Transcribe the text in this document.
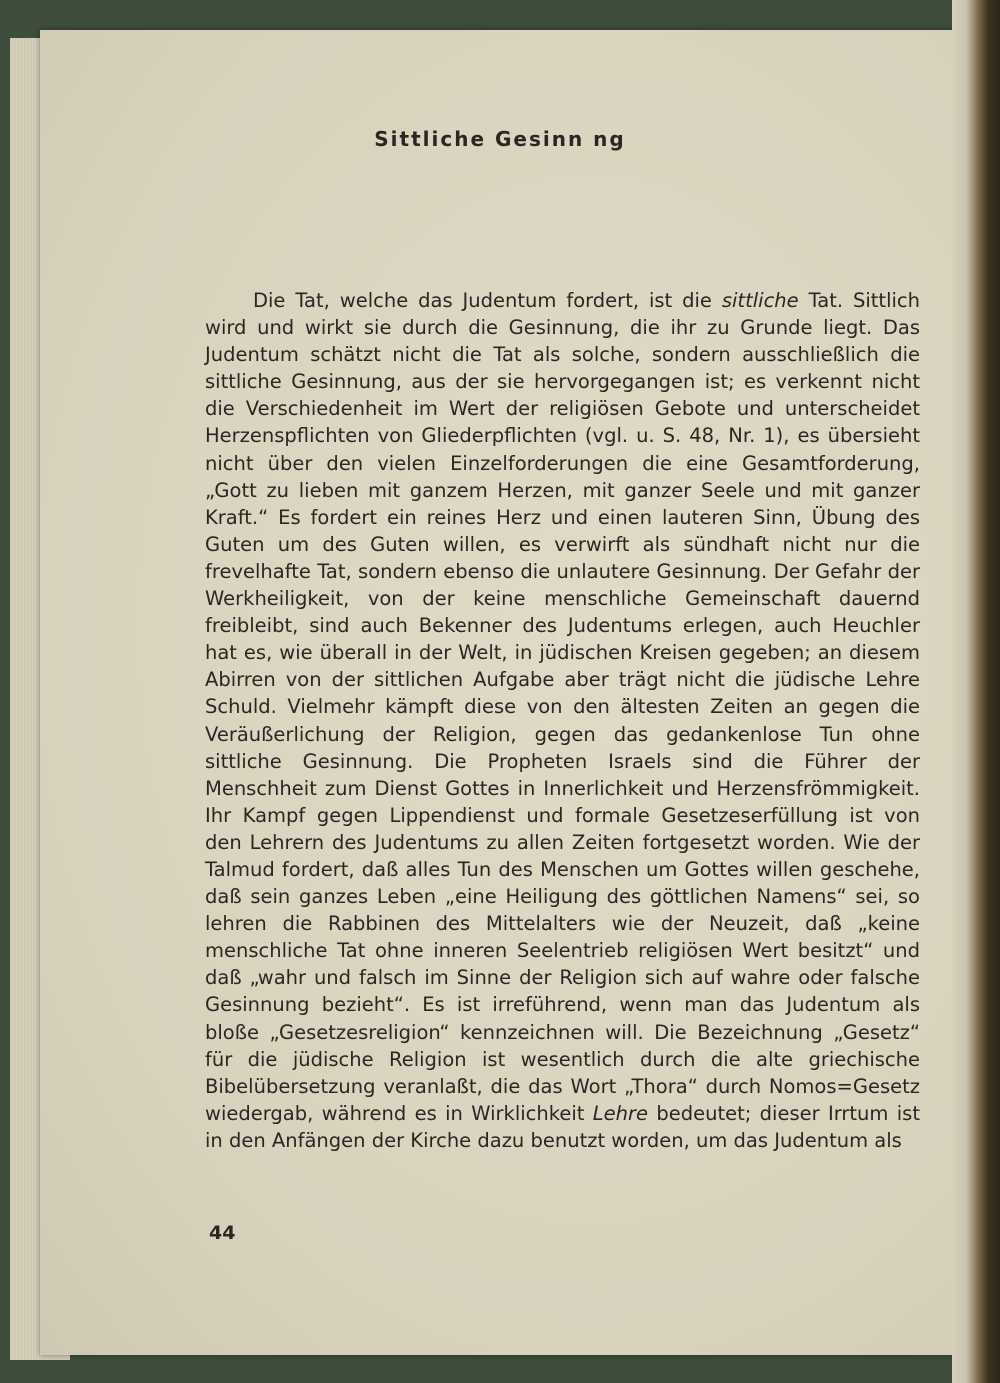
Sittliche Gesinn ng

Die Tat, welche das Judentum fordert, ist die sittliche Tat. Sittlich wird und wirkt sie durch die Gesinnung, die ihr zu Grunde liegt. Das Judentum schätzt nicht die Tat als solche, sondern ausschließlich die sittliche Gesinnung, aus der sie hervorgegangen ist; es verkennt nicht die Verschiedenheit im Wert der religiösen Gebote und unterscheidet Herzenspflichten von Gliederpflichten (vgl. u. S. 48, Nr. 1), es übersieht nicht über den vielen Einzelforderungen die eine Gesamtforderung, „Gott zu lieben mit ganzem Herzen, mit ganzer Seele und mit ganzer Kraft.“ Es fordert ein reines Herz und einen lauteren Sinn, Übung des Guten um des Guten willen, es verwirft als sündhaft nicht nur die frevelhafte Tat, sondern ebenso die unlautere Gesinnung. Der Gefahr der Werkheiligkeit, von der keine menschliche Gemeinschaft dauernd freibleibt, sind auch Bekenner des Judentums erlegen, auch Heuchler hat es, wie überall in der Welt, in jüdischen Kreisen gegeben; an diesem Abirren von der sittlichen Aufgabe aber trägt nicht die jüdische Lehre Schuld. Vielmehr kämpft diese von den ältesten Zeiten an gegen die Veräußerlichung der Religion, gegen das gedankenlose Tun ohne sittliche Gesinnung. Die Propheten Israels sind die Führer der Menschheit zum Dienst Gottes in Innerlichkeit und Herzensfrömmigkeit. Ihr Kampf gegen Lippendienst und formale Gesetzeserfüllung ist von den Lehrern des Judentums zu allen Zeiten fortgesetzt worden. Wie der Talmud fordert, daß alles Tun des Menschen um Gottes willen geschehe, daß sein ganzes Leben „eine Heiligung des göttlichen Namens“ sei, so lehren die Rabbinen des Mittelalters wie der Neuzeit, daß „keine menschliche Tat ohne inneren Seelentrieb religiösen Wert besitzt“ und daß „wahr und falsch im Sinne der Religion sich auf wahre oder falsche Gesinnung bezieht“. Es ist irreführend, wenn man das Judentum als bloße „Gesetzesreligion“ kennzeichnen will. Die Bezeichnung „Gesetz“ für die jüdische Religion ist wesentlich durch die alte griechische Bibelübersetzung veranlaßt, die das Wort „Thora“ durch Nomos=Gesetz wiedergab, während es in Wirklichkeit Lehre bedeutet; dieser Irrtum ist in den Anfängen der Kirche dazu benutzt worden, um das Judentum als

44
